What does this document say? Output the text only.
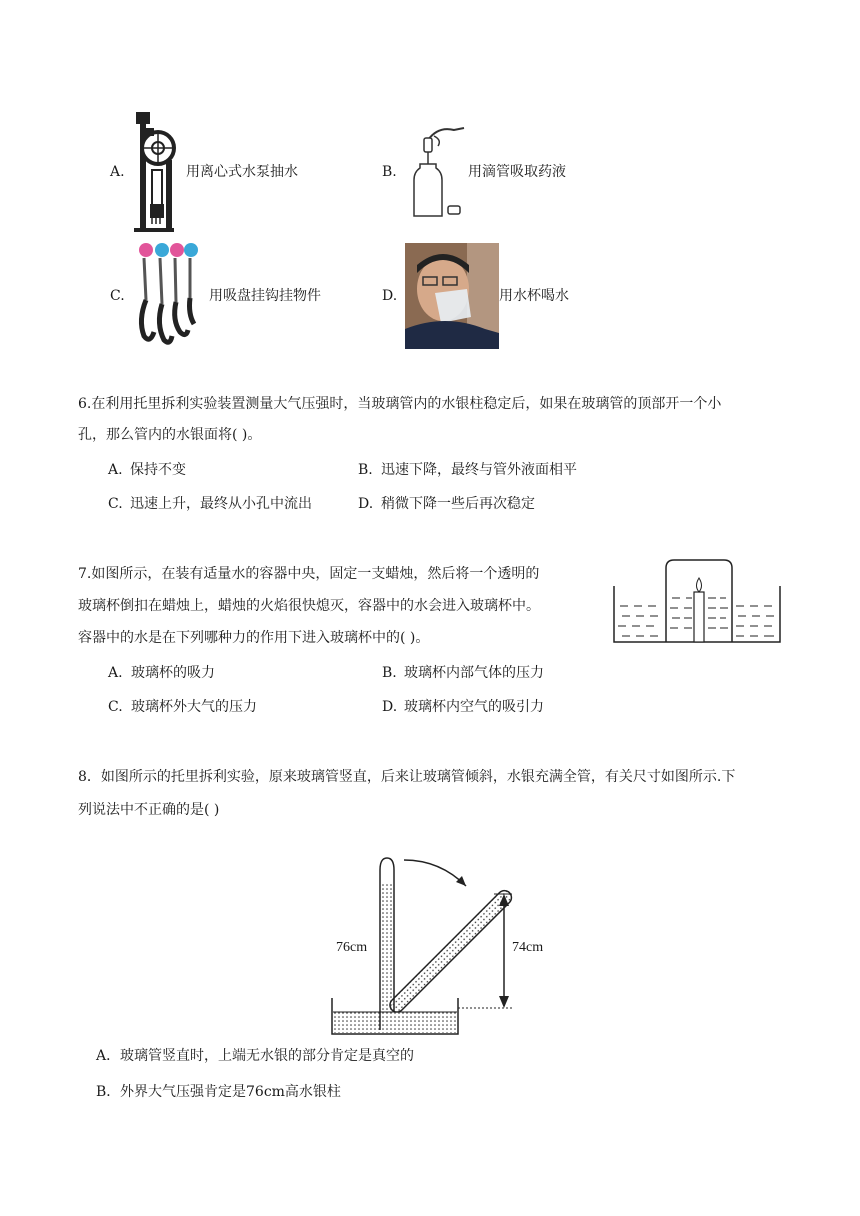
A.	用离心式水泵抽水	B.	用滴管吸取药液
C.	用吸盘挂钩挂物件	D.	用水杯喝水
6.在利用托里拆利实验装置测量大气压强时，当玻璃管内的水银柱稳定后，如果在玻璃管的顶部开一个小
孔，那么管内的水银面将( )。
A. 保持不变	B. 迅速下降，最终与管外液面相平
C. 迅速上升，最终从小孔中流出	D. 稍微下降一些后再次稳定
7.如图所示，在装有适量水的容器中央，固定一支蜡烛，然后将一个透明的
玻璃杯倒扣在蜡烛上，蜡烛的火焰很快熄灭，容器中的水会进入玻璃杯中。
容器中的水是在下列哪种力的作用下进入玻璃杯中的( )。
A. 玻璃杯的吸力	B. 玻璃杯内部气体的压力
C. 玻璃杯外大气的压力	D. 玻璃杯内空气的吸引力
8．如图所示的托里拆利实验，原来玻璃管竖直，后来让玻璃管倾斜，水银充满全管，有关尺寸如图所示.下
列说法中不正确的是( )
76cm	74cm
A． 玻璃管竖直时，上端无水银的部分肯定是真空的
B． 外界大气压强肯定是76cm高水银柱
